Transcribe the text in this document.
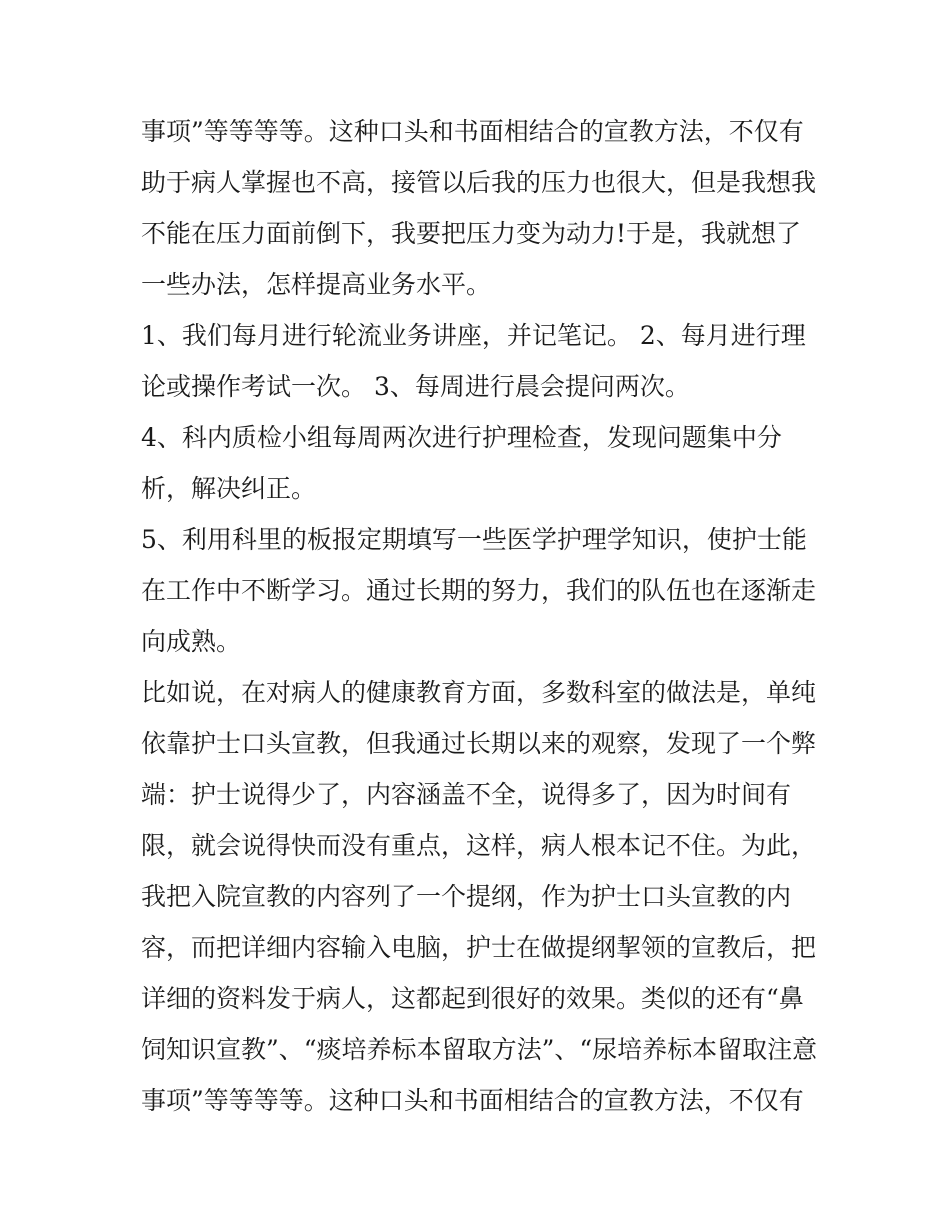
事项”等等等等。这种口头和书面相结合的宣教方法，不仅有
助于病人掌握也不高，接管以后我的压力也很大，但是我想我
不能在压力面前倒下，我要把压力变为动力!于是，我就想了
一些办法，怎样提高业务水平。
1、我们每月进行轮流业务讲座，并记笔记。 2、每月进行理
论或操作考试一次。 3、每周进行晨会提问两次。
4、科内质检小组每周两次进行护理检查，发现问题集中分
析，解决纠正。
5、利用科里的板报定期填写一些医学护理学知识，使护士能
在工作中不断学习。通过长期的努力，我们的队伍也在逐渐走
向成熟。
比如说，在对病人的健康教育方面，多数科室的做法是，单纯
依靠护士口头宣教，但我通过长期以来的观察，发现了一个弊
端：护士说得少了，内容涵盖不全，说得多了，因为时间有
限，就会说得快而没有重点，这样，病人根本记不住。为此，
我把入院宣教的内容列了一个提纲，作为护士口头宣教的内
容，而把详细内容输入电脑，护士在做提纲挈领的宣教后，把
详细的资料发于病人，这都起到很好的效果。类似的还有“鼻
饲知识宣教”、“痰培养标本留取方法”、“尿培养标本留取注意
事项”等等等等。这种口头和书面相结合的宣教方法，不仅有
